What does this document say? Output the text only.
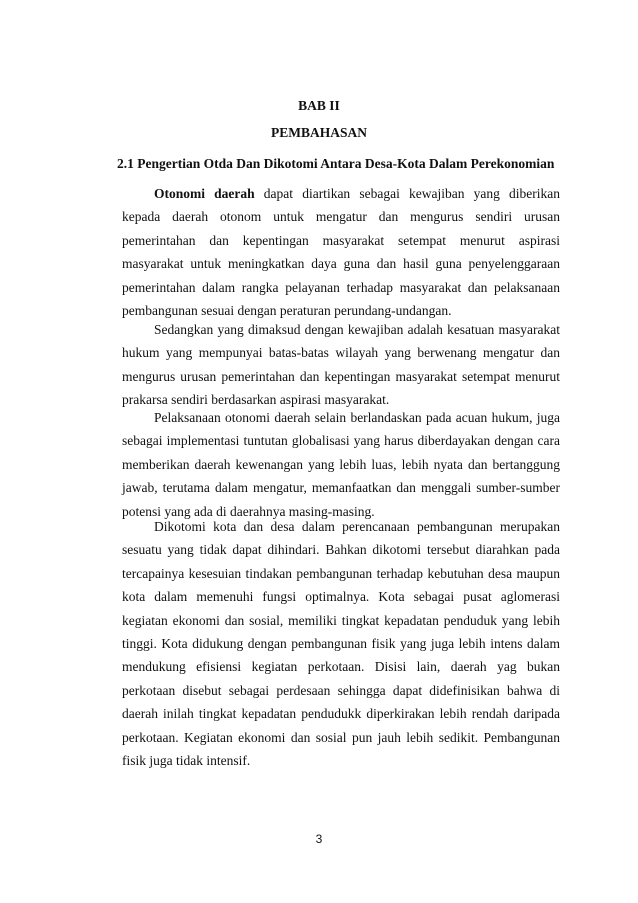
BAB II
PEMBAHASAN
2.1 Pengertian Otda Dan Dikotomi Antara Desa-Kota Dalam Perekonomian

Otonomi daerah dapat diartikan sebagai kewajiban yang diberikan kepada daerah otonom untuk mengatur dan mengurus sendiri urusan pemerintahan dan kepentingan masyarakat setempat menurut aspirasi masyarakat untuk meningkatkan daya guna dan hasil guna penyelenggaraan pemerintahan dalam rangka pelayanan terhadap masyarakat dan pelaksanaan pembangunan sesuai dengan peraturan perundang-undangan.

Sedangkan yang dimaksud dengan kewajiban adalah kesatuan masyarakat hukum yang mempunyai batas-batas wilayah yang berwenang mengatur dan mengurus urusan pemerintahan dan kepentingan masyarakat setempat menurut prakarsa sendiri berdasarkan aspirasi masyarakat.

Pelaksanaan otonomi daerah selain berlandaskan pada acuan hukum, juga sebagai implementasi tuntutan globalisasi yang harus diberdayakan dengan cara memberikan daerah kewenangan yang lebih luas, lebih nyata dan bertanggung jawab, terutama dalam mengatur, memanfaatkan dan menggali sumber-sumber potensi yang ada di daerahnya masing-masing.

Dikotomi kota dan desa dalam perencanaan pembangunan merupakan sesuatu yang tidak dapat dihindari. Bahkan dikotomi tersebut diarahkan pada tercapainya kesesuian tindakan pembangunan terhadap kebutuhan desa maupun kota dalam memenuhi fungsi optimalnya. Kota sebagai pusat aglomerasi kegiatan ekonomi dan sosial, memiliki tingkat kepadatan penduduk yang lebih tinggi. Kota didukung dengan pembangunan fisik yang juga lebih intens dalam mendukung efisiensi kegiatan perkotaan. Disisi lain, daerah yag bukan perkotaan disebut sebagai perdesaan sehingga dapat didefinisikan bahwa di daerah inilah tingkat kepadatan pendudukk diperkirakan lebih rendah daripada perkotaan. Kegiatan ekonomi dan sosial pun jauh lebih sedikit. Pembangunan fisik juga tidak intensif.

3
